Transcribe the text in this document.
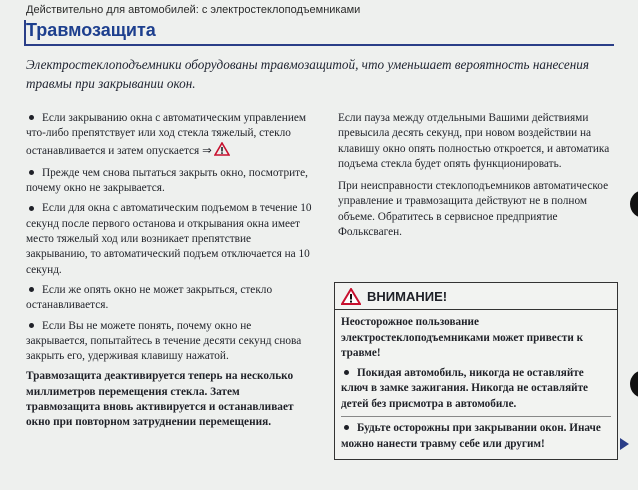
Действительно для автомобилей: с электростеклоподъемниками
Травмозащита
Электростеклоподъемники оборудованы травмозащитой, что уменьшает вероятность нанесения травмы при закрывании окон.
Если закрыванию окна с автоматическим управлением что-либо препятствует или ход стекла тяжелый, стекло останавливается и затем опускается ⇒
Прежде чем снова пытаться закрыть окно, посмотрите, почему окно не закрывается.
Если для окна с автоматическим подъемом в течение 10 секунд после первого останова и открывания окна имеет место тяжелый ход или возникает препятствие закрыванию, то автоматический подъем отключается на 10 секунд.
Если же опять окно не может закрыться, стекло останавливается.
Если Вы не можете понять, почему окно не закрывается, попытайтесь в течение десяти секунд снова закрыть его, удерживая клавишу нажатой.
Травмозащита деактивируется теперь на несколько миллиметров перемещения стекла. Затем травмозащита вновь активируется и останавливает окно при повторном затруднении перемещения.
Если пауза между отдельными Вашими действиями превысила десять секунд, при новом воздействии на клавишу окно опять полностью откроется, и автоматика подъема стекла будет опять функционировать.
При неисправности стеклоподъемников автоматическое управление и травмозащита действуют не в полном объеме. Обратитесь в сервисное предприятие Фольксваген.
ВНИМАНИЕ!
Неосторожное пользование электростеклоподъемниками может привести к травме!
Покидая автомобиль, никогда не оставляйте ключ в замке зажигания. Никогда не оставляйте детей без присмотра в автомобиле.
Будьте осторожны при закрывании окон. Иначе можно нанести травму себе или другим!
